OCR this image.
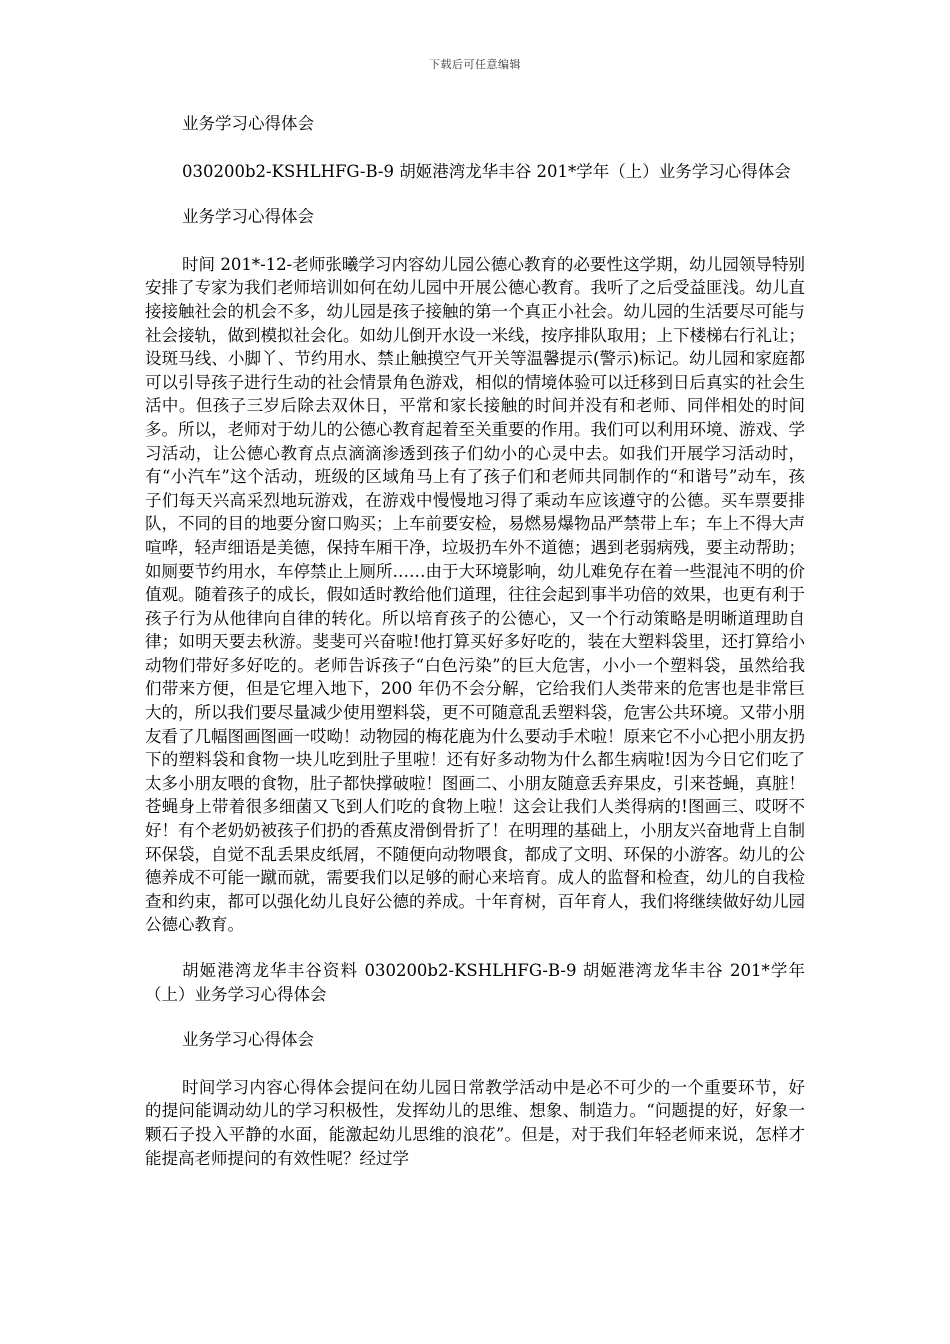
下载后可任意编辑

业务学习心得体会

030200b2-KSHLHFG-B-9 胡姬港湾龙华丰谷 201*学年（上）业务学习心得体会

业务学习心得体会

时间 201*-12-老师张曦学习内容幼儿园公德心教育的必要性这学期，幼儿园领导特别安排了专家为我们老师培训如何在幼儿园中开展公德心教育。我听了之后受益匪浅。幼儿直接接触社会的机会不多，幼儿园是孩子接触的第一个真正小社会。幼儿园的生活要尽可能与社会接轨，做到模拟社会化。如幼儿倒开水设一米线，按序排队取用；上下楼梯右行礼让；设斑马线、小脚丫、节约用水、禁止触摸空气开关等温馨提示(警示)标记。幼儿园和家庭都可以引导孩子进行生动的社会情景角色游戏，相似的情境体验可以迁移到日后真实的社会生活中。但孩子三岁后除去双休日，平常和家长接触的时间并没有和老师、同伴相处的时间多。所以，老师对于幼儿的公德心教育起着至关重要的作用。我们可以利用环境、游戏、学习活动，让公德心教育点点滴滴渗透到孩子们幼小的心灵中去。如我们开展学习活动时，有“小汽车”这个活动，班级的区域角马上有了孩子们和老师共同制作的“和谐号”动车，孩子们每天兴高采烈地玩游戏，在游戏中慢慢地习得了乘动车应该遵守的公德。买车票要排队，不同的目的地要分窗口购买；上车前要安检，易燃易爆物品严禁带上车；车上不得大声喧哗，轻声细语是美德，保持车厢干净，垃圾扔车外不道德；遇到老弱病残，要主动帮助；如厕要节约用水，车停禁止上厕所……由于大环境影响，幼儿难免存在着一些混沌不明的价值观。随着孩子的成长，假如适时教给他们道理，往往会起到事半功倍的效果，也更有利于孩子行为从他律向自律的转化。所以培育孩子的公德心，又一个行动策略是明晰道理助自律；如明天要去秋游。斐斐可兴奋啦!他打算买好多好吃的，装在大塑料袋里，还打算给小动物们带好多好吃的。老师告诉孩子“白色污染”的巨大危害，小小一个塑料袋，虽然给我们带来方便，但是它埋入地下，200 年仍不会分解，它给我们人类带来的危害也是非常巨大的，所以我们要尽量减少使用塑料袋，更不可随意乱丢塑料袋，危害公共环境。又带小朋友看了几幅图画图画一哎呦！动物园的梅花鹿为什么要动手术啦！原来它不小心把小朋友扔下的塑料袋和食物一块儿吃到肚子里啦！还有好多动物为什么都生病啦!因为今日它们吃了太多小朋友喂的食物，肚子都快撑破啦！图画二、小朋友随意丢弃果皮，引来苍蝇，真脏！苍蝇身上带着很多细菌又飞到人们吃的食物上啦！这会让我们人类得病的!图画三、哎呀不好！有个老奶奶被孩子们扔的香蕉皮滑倒骨折了！在明理的基础上，小朋友兴奋地背上自制环保袋，自觉不乱丢果皮纸屑，不随便向动物喂食，都成了文明、环保的小游客。幼儿的公德养成不可能一蹴而就，需要我们以足够的耐心来培育。成人的监督和检查，幼儿的自我检查和约束，都可以强化幼儿良好公德的养成。十年育树，百年育人，我们将继续做好幼儿园公德心教育。

胡姬港湾龙华丰谷资料 030200b2-KSHLHFG-B-9 胡姬港湾龙华丰谷 201*学年（上）业务学习心得体会

业务学习心得体会

时间学习内容心得体会提问在幼儿园日常教学活动中是必不可少的一个重要环节，好的提问能调动幼儿的学习积极性，发挥幼儿的思维、想象、制造力。“问题提的好，好象一颗石子投入平静的水面，能激起幼儿思维的浪花”。但是，对于我们年轻老师来说，怎样才能提高老师提问的有效性呢？经过学
